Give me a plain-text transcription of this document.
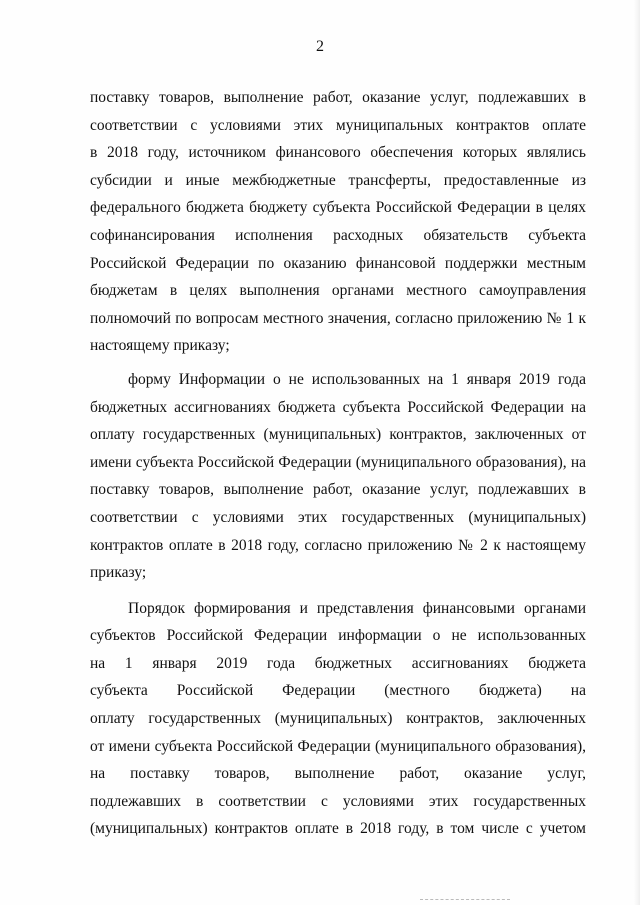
2
поставку товаров, выполнение работ, оказание услуг, подлежавших в
соответствии с условиями этих муниципальных контрактов оплате
в 2018 году, источником финансового обеспечения которых являлись
субсидии и иные межбюджетные трансферты, предоставленные из
федерального бюджета бюджету субъекта Российской Федерации в целях
софинансирования исполнения расходных обязательств субъекта
Российской Федерации по оказанию финансовой поддержки местным
бюджетам в целях выполнения органами местного самоуправления
полномочий по вопросам местного значения, согласно приложению № 1 к
настоящему приказу;
форму Информации о не использованных на 1 января 2019 года
бюджетных ассигнованиях бюджета субъекта Российской Федерации на
оплату государственных (муниципальных) контрактов, заключенных от
имени субъекта Российской Федерации (муниципального образования), на
поставку товаров, выполнение работ, оказание услуг, подлежавших в
соответствии с условиями этих государственных (муниципальных)
контрактов оплате в 2018 году, согласно приложению № 2 к настоящему
приказу;
Порядок формирования и представления финансовыми органами
субъектов Российской Федерации информации о не использованных
на 1 января 2019 года бюджетных ассигнованиях бюджета
субъекта Российской Федерации (местного бюджета) на
оплату государственных (муниципальных) контрактов, заключенных
от имени субъекта Российской Федерации (муниципального образования),
на поставку товаров, выполнение работ, оказание услуг,
подлежавших в соответствии с условиями этих государственных
(муниципальных) контрактов оплате в 2018 году, в том числе с учетом
